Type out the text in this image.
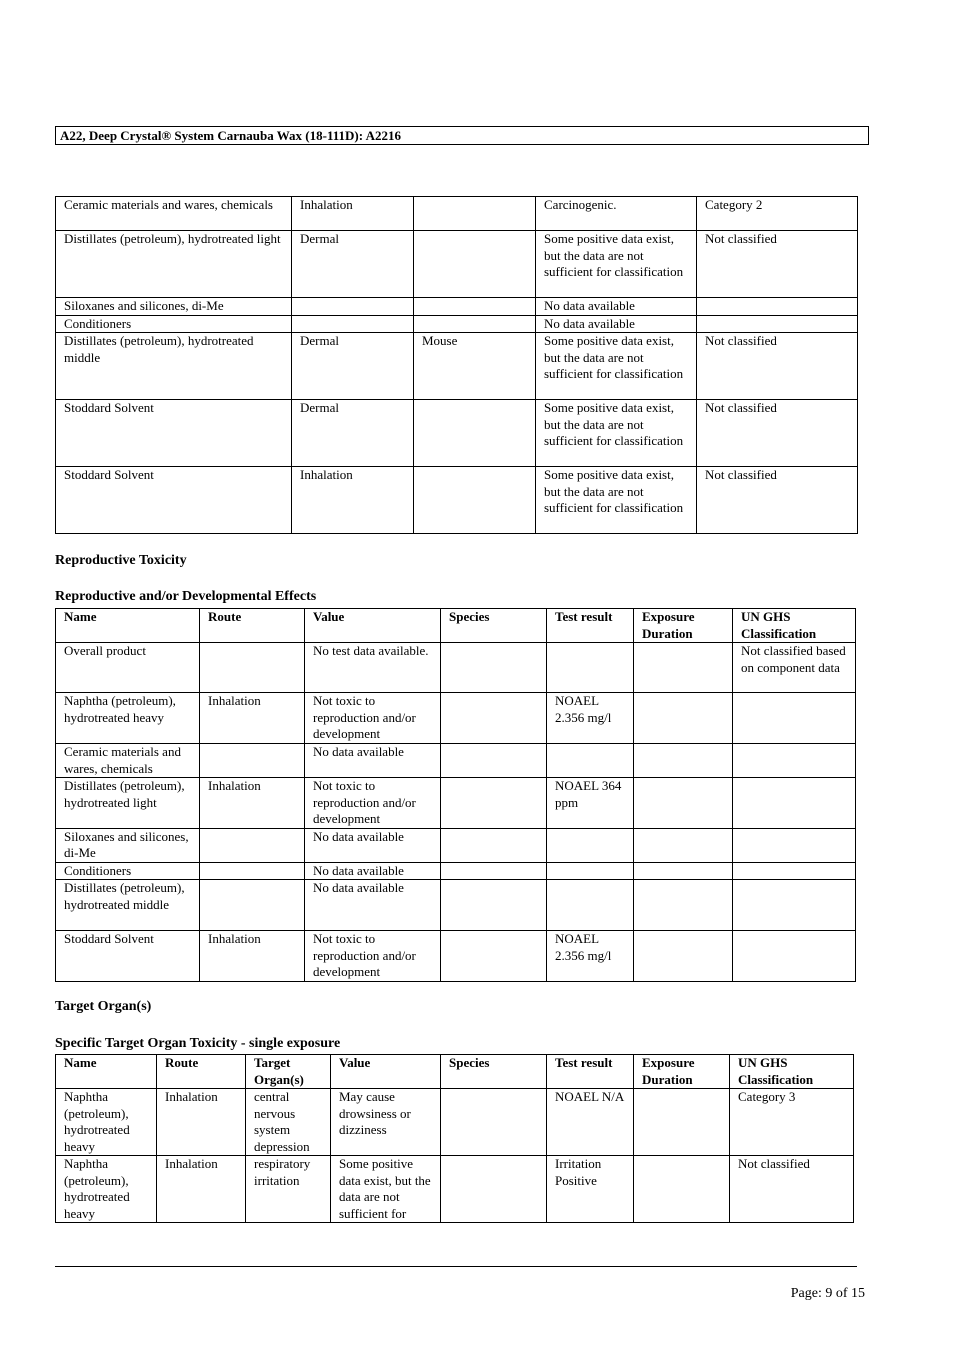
A22, Deep Crystal® System Carnauba Wax (18-111D): A2216
Ceramic materials and wares, chemicals	Inhalation		Carcinogenic.	Category 2
Distillates (petroleum), hydrotreated light	Dermal		Some positive data exist, but the data are not sufficient for classification	Not classified
Siloxanes and silicones, di-Me			No data available	
Conditioners			No data available	
Distillates (petroleum), hydrotreated middle	Dermal	Mouse	Some positive data exist, but the data are not sufficient for classification	Not classified
Stoddard Solvent	Dermal		Some positive data exist, but the data are not sufficient for classification	Not classified
Stoddard Solvent	Inhalation		Some positive data exist, but the data are not sufficient for classification	Not classified
Reproductive Toxicity
Reproductive and/or Developmental Effects
Name	Route	Value	Species	Test result	Exposure Duration	UN GHS Classification
Overall product		No test data available.				Not classified based on component data
Naphtha (petroleum), hydrotreated heavy	Inhalation	Not toxic to reproduction and/or development		NOAEL 2.356 mg/l		
Ceramic materials and wares, chemicals		No data available				
Distillates (petroleum), hydrotreated light	Inhalation	Not toxic to reproduction and/or development		NOAEL 364 ppm		
Siloxanes and silicones, di-Me		No data available				
Conditioners		No data available				
Distillates (petroleum), hydrotreated middle		No data available				
Stoddard Solvent	Inhalation	Not toxic to reproduction and/or development		NOAEL 2.356 mg/l		
Target Organ(s)
Specific Target Organ Toxicity - single exposure
Name	Route	Target Organ(s)	Value	Species	Test result	Exposure Duration	UN GHS Classification
Naphtha (petroleum), hydrotreated heavy	Inhalation	central nervous system depression	May cause drowsiness or dizziness		NOAEL N/A		Category 3
Naphtha (petroleum), hydrotreated heavy	Inhalation	respiratory irritation	Some positive data exist, but the data are not sufficient for		Irritation Positive		Not classified
Page: 9 of 15
